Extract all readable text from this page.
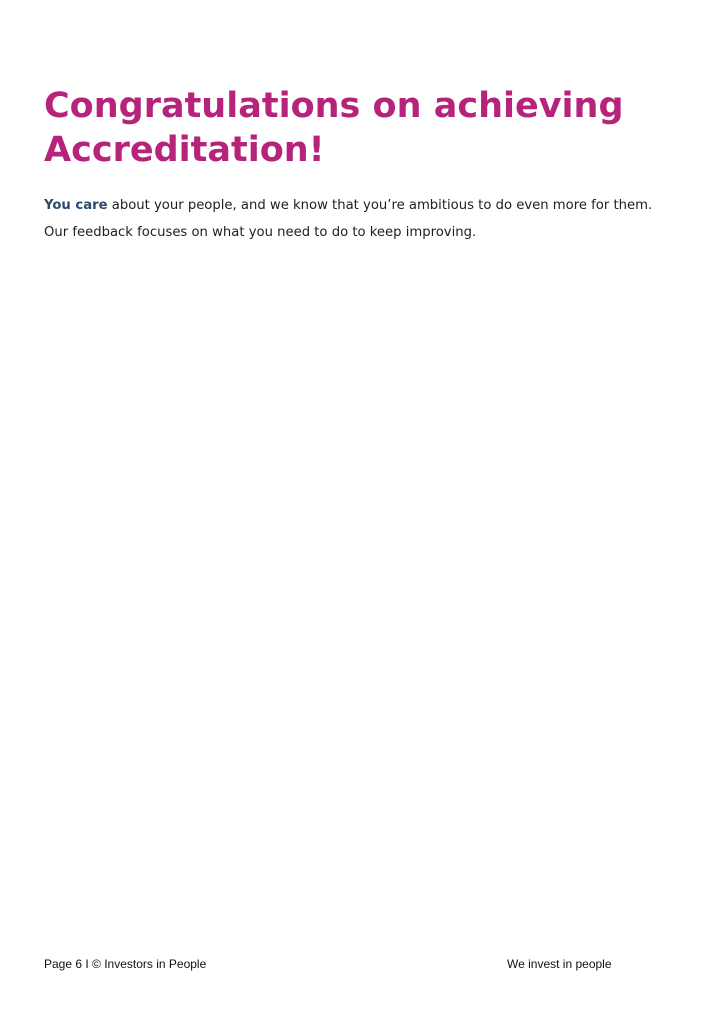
Congratulations on achieving
Accreditation!

You care about your people, and we know that you’re ambitious to do even more for them.
Our feedback focuses on what you need to do to keep improving.

Page 6 I © Investors in People	We invest in people
